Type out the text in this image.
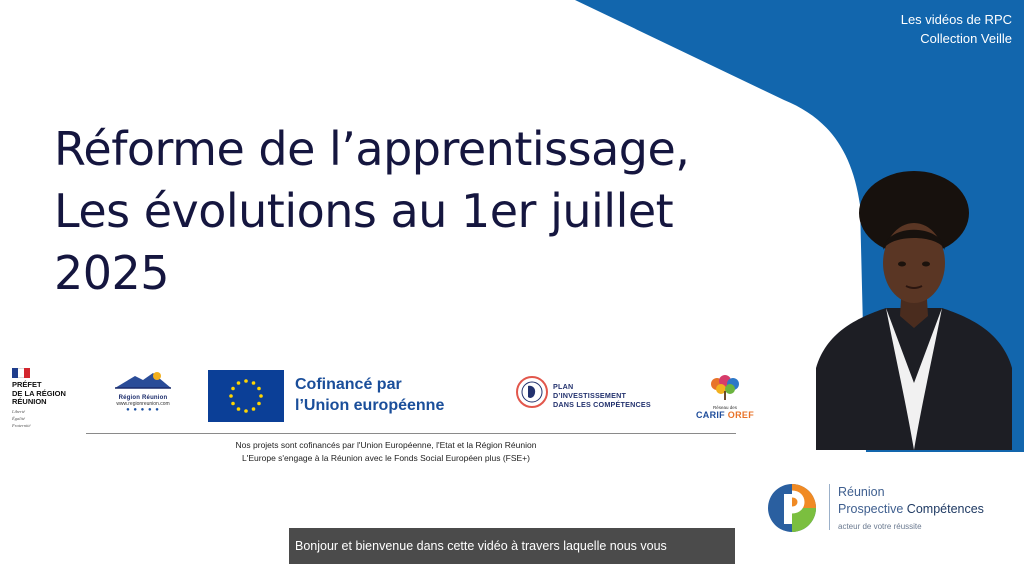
Les vidéos de RPC
Collection Veille
Réforme de l’apprentissage,
Les évolutions au 1er juillet
2025
PRÉFET
DE LA RÉGION
RÉUNION
Liberté
Égalité
Fraternité
Région Réunion
www.regionreunion.com
● ● ● ● ●
Cofinancé par
l’Union européenne
PLAN
D’INVESTISSEMENT
DANS LES COMPÉTENCES	Réseau des
CARIF OREF
Nos projets sont cofinancés par l'Union Européenne, l'Etat et la Région Réunion
L'Europe s'engage à la Réunion avec le Fonds Social Européen plus (FSE+)
Réunion
Prospective Compétences
acteur de votre réussite
Bonjour et bienvenue dans cette vidéo à travers laquelle nous vous
